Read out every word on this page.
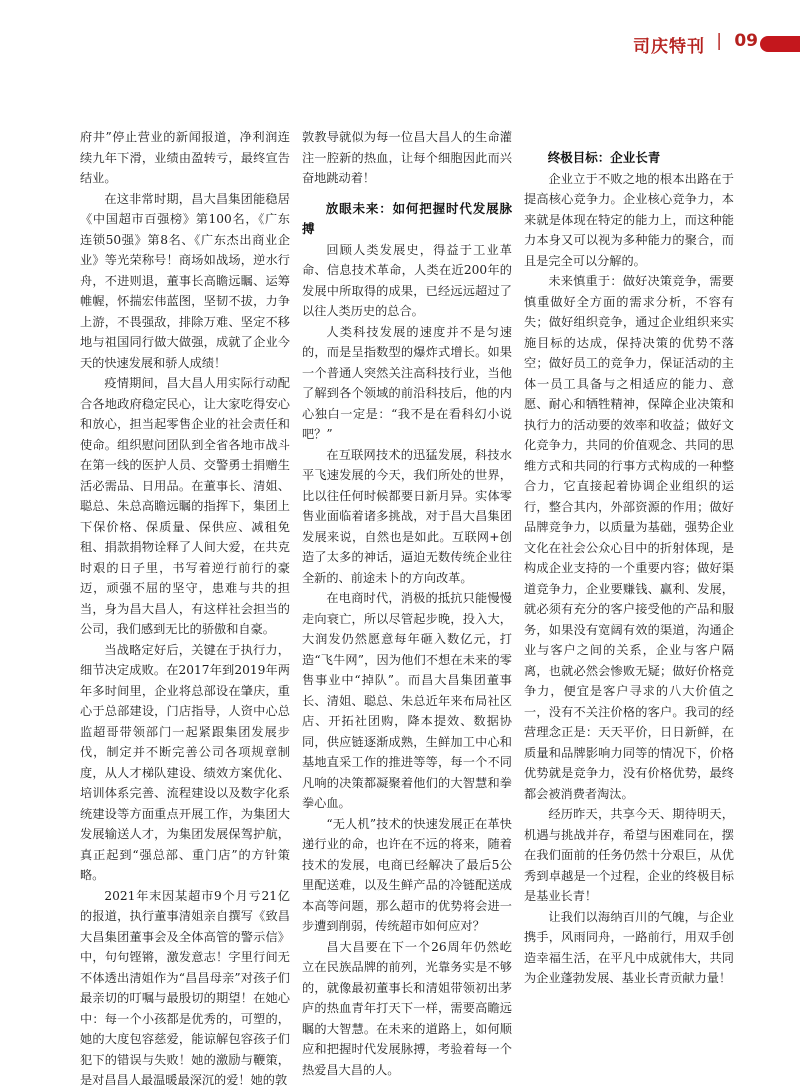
司庆特刊 | 09

府井”停止营业的新闻报道，净利润连续九年下滑，业绩由盈转亏，最终宣告结业。

在这非常时期，昌大昌集团能稳居《中国超市百强榜》第100名，《广东连锁50强》第8名、《广东杰出商业企业》等光荣称号！商场如战场，逆水行舟，不进则退，董事长高瞻远瞩、运筹帷幄，怀揣宏伟蓝图，坚韧不拔，力争上游，不畏强敌，排除万难、坚定不移地与祖国同行做大做强，成就了企业今天的快速发展和骄人成绩！

疫情期间，昌大昌人用实际行动配合各地政府稳定民心，让大家吃得安心和放心，担当起零售企业的社会责任和使命。组织慰问团队到全省各地市战斗在第一线的医护人员、交警勇士捐赠生活必需品、日用品。在董事长、清姐、聪总、朱总高瞻远瞩的指挥下，集团上下保价格、保质量、保供应、减租免租、捐款捐物诠释了人间大爱，在共克时艰的日子里，书写着逆行前行的豪迈，顽强不屈的坚守，患难与共的担当，身为昌大昌人，有这样社会担当的公司，我们感到无比的骄傲和自豪。

当战略定好后，关键在于执行力，细节决定成败。在2017年到2019年两年多时间里，企业将总部设在肇庆，重心于总部建设，门店指导，人资中心总监超哥带领部门一起紧跟集团发展步伐，制定并不断完善公司各项规章制度，从人才梯队建设、绩效方案优化、培训体系完善、流程建设以及数字化系统建设等方面重点开展工作，为集团大发展输送人才，为集团发展保驾护航，真正起到“强总部、重门店”的方针策略。

2021年末因某超市9个月亏21亿的报道，执行董事清姐亲自撰写《致昌大昌集团董事会及全体高管的警示信》中，句句铿锵，激发意志！字里行间无不体透出清姐作为“昌昌母亲”对孩子们最亲切的叮嘱与最殷切的期望！在她心中：每一个小孩都是优秀的，可塑的，她的大度包容慈爱，能谅解包容孩子们犯下的错误与失败！她的激励与鞭策，是对昌昌人最温暖最深沉的爱！她的敦

敦教导就似为每一位昌大昌人的生命灌注一腔新的热血，让每个细胞因此而兴奋地跳动着！

放眼未来：如何把握时代发展脉搏

回顾人类发展史，得益于工业革命、信息技术革命，人类在近200年的发展中所取得的成果，已经远远超过了以往人类历史的总合。

人类科技发展的速度并不是匀速的，而是呈指数型的爆炸式增长。如果一个普通人突然关注高科技行业，当他了解到各个领域的前沿科技后，他的内心独白一定是：“我不是在看科幻小说吧？”

在互联网技术的迅猛发展，科技水平飞速发展的今天，我们所处的世界，比以往任何时候都要日新月异。实体零售业面临着诸多挑战，对于昌大昌集团发展来说，自然也是如此。互联网+创造了太多的神话，逼迫无数传统企业往全新的、前途未卜的方向改革。

在电商时代，消极的抵抗只能慢慢走向衰亡，所以尽管起步晚，投入大，大润发仍然愿意每年砸入数亿元，打造“飞牛网”，因为他们不想在未来的零售事业中“掉队”。而昌大昌集团董事长、清姐、聪总、朱总近年来布局社区店、开拓社团购，降本提效、数据协同，供应链逐渐成熟，生鲜加工中心和基地直采工作的推进等等，每一个不同凡响的决策都凝聚着他们的大智慧和拳拳心血。

“无人机”技术的快速发展正在革快递行业的命，也许在不远的将来，随着技术的发展，电商已经解决了最后5公里配送难，以及生鲜产品的冷链配送成本高等问题，那么超市的优势将会进一步遭到削弱，传统超市如何应对？

昌大昌要在下一个26周年仍然屹立在民族品牌的前列，光靠务实是不够的，就像最初董事长和清姐带领初出茅庐的热血青年打天下一样，需要高瞻远瞩的大智慧。在未来的道路上，如何顺应和把握时代发展脉搏，考验着每一个热爱昌大昌的人。

终极目标：企业长青

企业立于不败之地的根本出路在于提高核心竞争力。企业核心竞争力，本来就是体现在特定的能力上，而这种能力本身又可以视为多种能力的聚合，而且是完全可以分解的。

未来慎重于：做好决策竞争，需要慎重做好全方面的需求分析，不容有失；做好组织竞争，通过企业组织来实施目标的达成，保持决策的优势不落空；做好员工的竞争力，保证活动的主体一员工具备与之相适应的能力、意愿、耐心和牺牲精神，保障企业决策和执行力的活动要的效率和收益；做好文化竞争力，共同的价值观念、共同的思维方式和共同的行事方式构成的一种整合力，它直接起着协调企业组织的运行，整合其内，外部资源的作用；做好品牌竞争力，以质量为基础，强势企业文化在社会公众心目中的折射体现，是构成企业支持的一个重要内容；做好渠道竞争力，企业要赚钱、赢利、发展，就必须有充分的客户接受他的产品和服务，如果没有宽阔有效的渠道，沟通企业与客户之间的关系，企业与客户隔离，也就必然会惨败无疑；做好价格竞争力，便宜是客户寻求的八大价值之一，没有不关注价格的客户。我司的经营理念正是：天天平价，日日新鲜，在质量和品牌影响力同等的情况下，价格优势就是竞争力，没有价格优势，最终都会被消费者淘汰。

经历昨天，共享今天、期待明天，机遇与挑战并存，希望与困难同在，摆在我们面前的任务仍然十分艰巨，从优秀到卓越是一个过程，企业的终极目标是基业长青！

让我们以海纳百川的气魄，与企业携手，风雨同舟，一路前行，用双手创造幸福生活，在平凡中成就伟大，共同为企业蓬勃发展、基业长青贡献力量！
